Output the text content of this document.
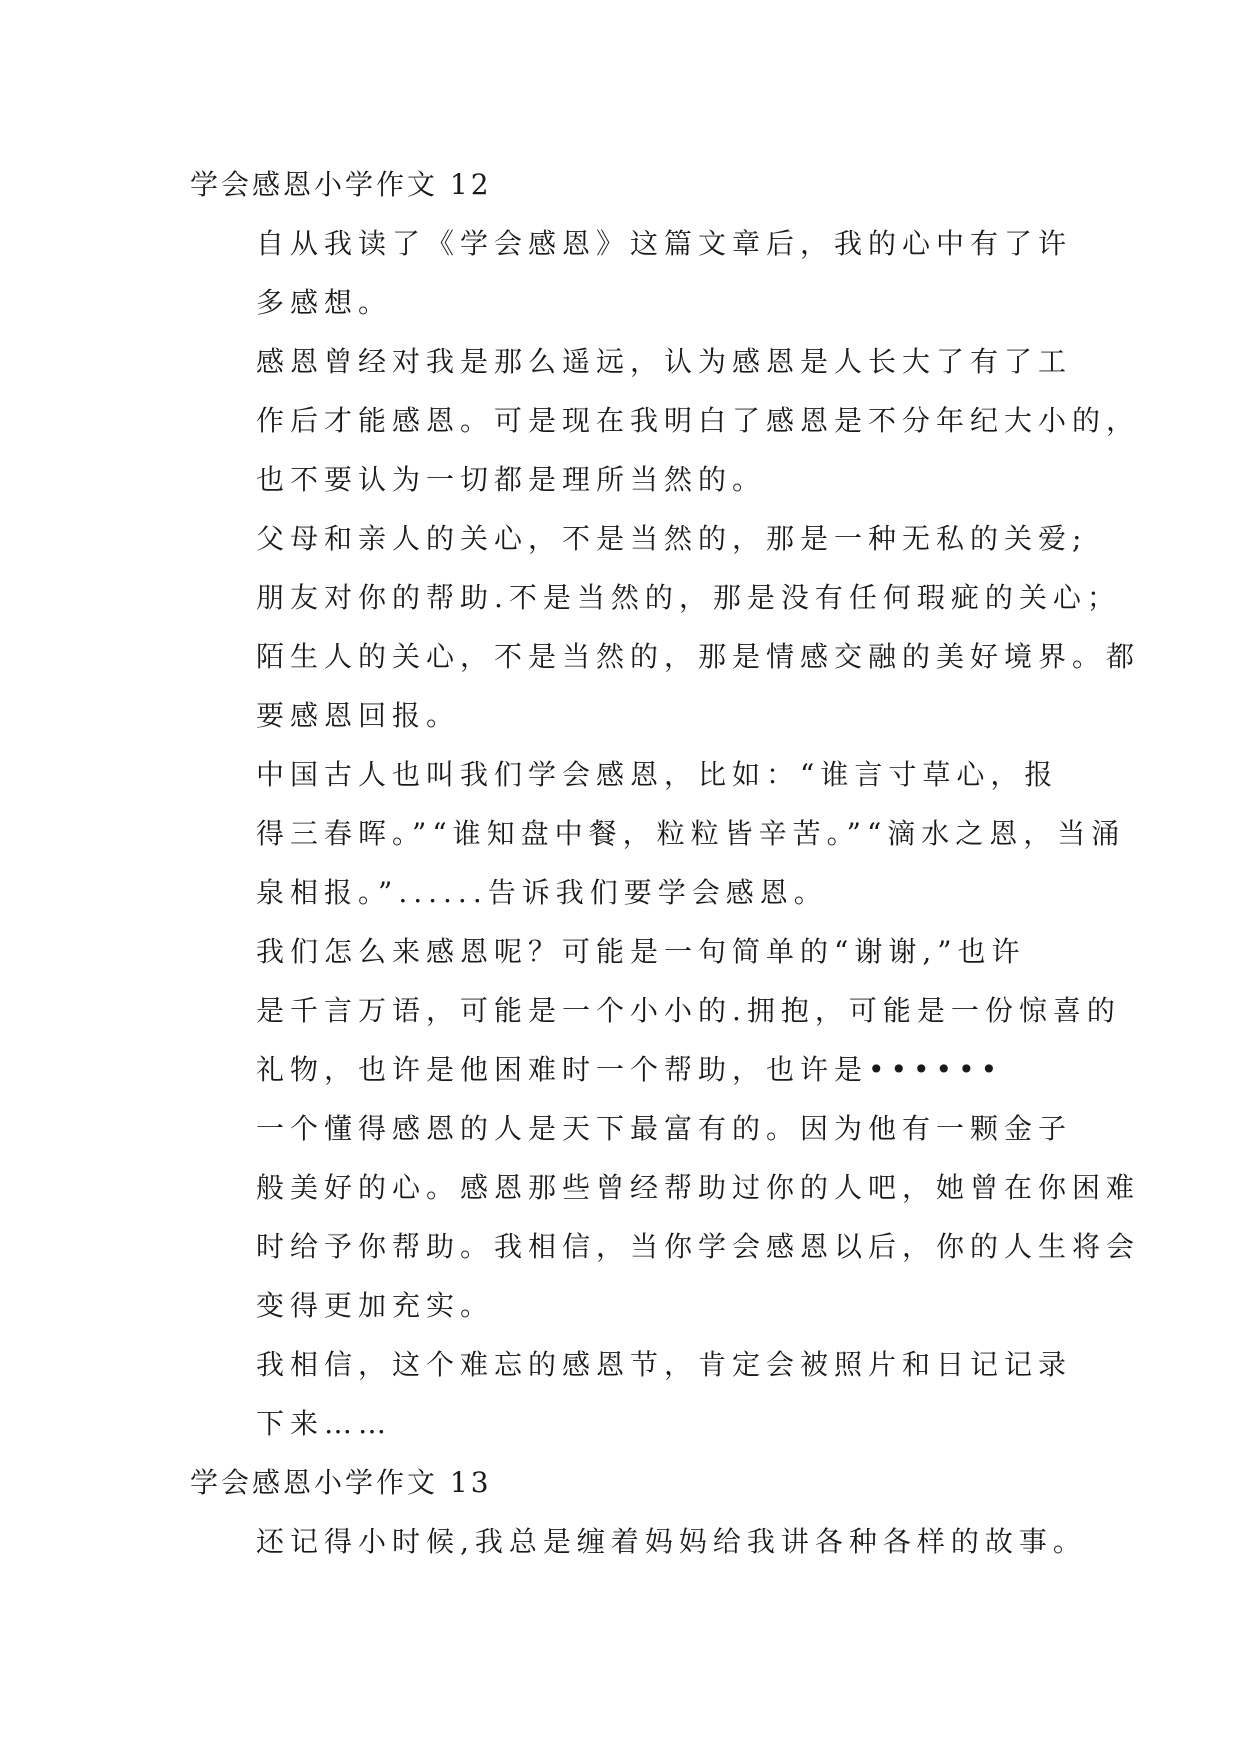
学会感恩小学作文 12

自从我读了《学会感恩》这篇文章后，我的心中有了许
多感想。

感恩曾经对我是那么遥远，认为感恩是人长大了有了工
作后才能感恩。可是现在我明白了感恩是不分年纪大小的，
也不要认为一切都是理所当然的。

父母和亲人的关心，不是当然的，那是一种无私的关爱;
朋友对你的帮助.不是当然的，那是没有任何瑕疵的关心；
陌生人的关心，不是当然的，那是情感交融的美好境界。都
要感恩回报。

中国古人也叫我们学会感恩，比如：“谁言寸草心，报
得三春晖。”“谁知盘中餐，粒粒皆辛苦。”“滴水之恩，当涌
泉相报。”......告诉我们要学会感恩。

我们怎么来感恩呢？可能是一句简单的“谢谢,”也许
是千言万语，可能是一个小小的.拥抱，可能是一份惊喜的
礼物，也许是他困难时一个帮助，也许是••••••

一个懂得感恩的人是天下最富有的。因为他有一颗金子
般美好的心。感恩那些曾经帮助过你的人吧，她曾在你困难
时给予你帮助。我相信，当你学会感恩以后，你的人生将会
变得更加充实。

我相信，这个难忘的感恩节，肯定会被照片和日记记录
下来……

学会感恩小学作文 13

还记得小时候,我总是缠着妈妈给我讲各种各样的故事。
